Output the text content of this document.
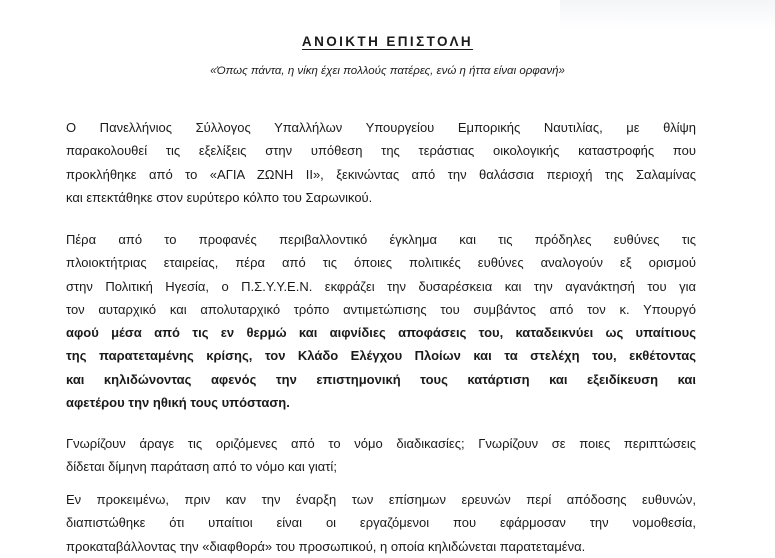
ΑΝΟΙΚΤΗ ΕΠΙΣΤΟΛΗ
«Όπως πάντα, η νίκη έχει πολλούς πατέρες, ενώ η ήττα είναι ορφανή»
Ο Πανελλήνιος Σύλλογος Υπαλλήλων Υπουργείου Εμπορικής Ναυτιλίας, με θλίψη
παρακολουθεί τις εξελίξεις στην υπόθεση της τεράστιας οικολογικής καταστροφής που
προκλήθηκε από το «ΑΓΙΑ ΖΩΝΗ ΙΙ», ξεκινώντας από την θαλάσσια περιοχή της Σαλαμίνας
και επεκτάθηκε στον ευρύτερο κόλπο του Σαρωνικού.
Πέρα από το προφανές περιβαλλοντικό έγκλημα και τις πρόδηλες ευθύνες τις
πλοιοκτήτριας εταιρείας, πέρα από τις όποιες πολιτικές ευθύνες αναλογούν εξ ορισμού
στην Πολιτική Ηγεσία, ο Π.Σ.Υ.Υ.Ε.Ν. εκφράζει την δυσαρέσκεια και την αγανάκτησή του για
τον αυταρχικό και απολυταρχικό τρόπο αντιμετώπισης του συμβάντος από τον κ. Υπουργό
αφού μέσα από τις εν θερμώ και αιφνίδιες αποφάσεις του, καταδεικνύει ως υπαίτιους
της παρατεταμένης κρίσης, τον Κλάδο Ελέγχου Πλοίων και τα στελέχη του, εκθέτοντας
και κηλιδώνοντας αφενός την επιστημονική τους κατάρτιση και εξειδίκευση και
αφετέρου την ηθική τους υπόσταση.
Γνωρίζουν άραγε τις οριζόμενες από το νόμο διαδικασίες; Γνωρίζουν σε ποιες περιπτώσεις
δίδεται δίμηνη παράταση από το νόμο και γιατί;
Εν προκειμένω, πριν καν την έναρξη των επίσημων ερευνών περί απόδοσης ευθυνών,
διαπιστώθηκε ότι υπαίτιοι είναι οι εργαζόμενοι που εφάρμοσαν την νομοθεσία,
προκαταβάλλοντας την «διαφθορά» του προσωπικού, η οποία κηλιδώνεται παρατεταμένα.
